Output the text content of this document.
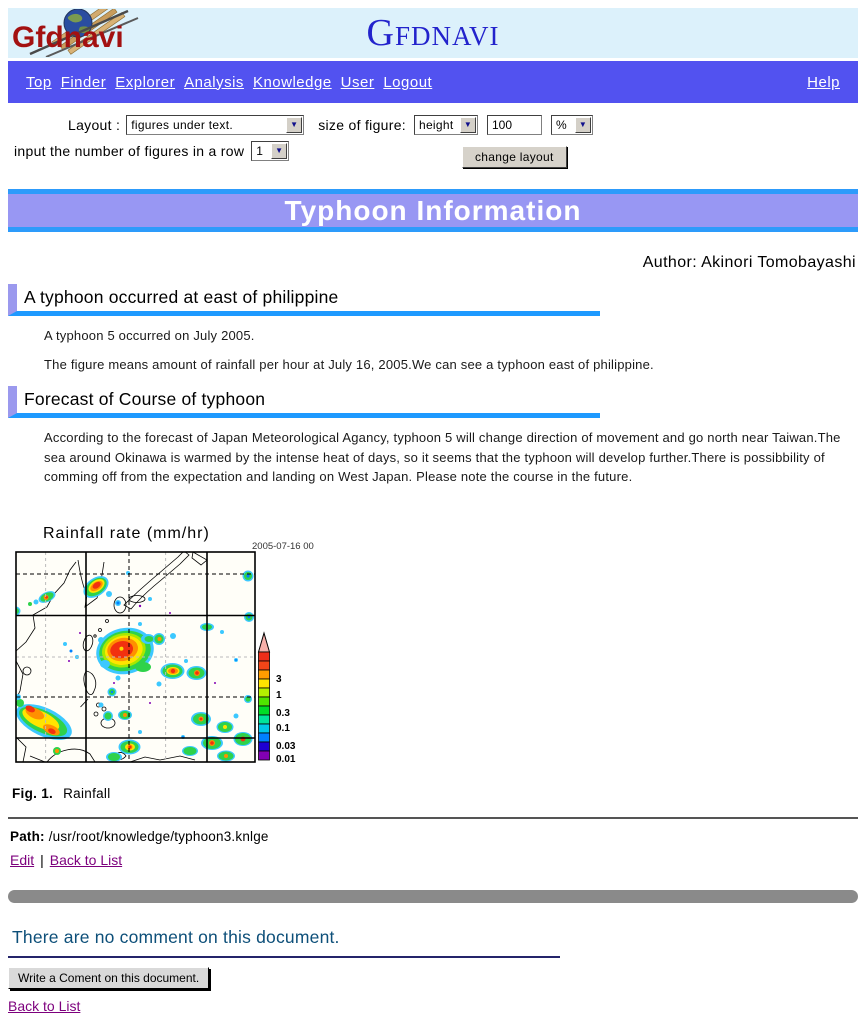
Gfdnavi	GFDNAVI
Top Finder Explorer Analysis Knowledge User Logout	Help
Layout : figures under text.	▼ size of figure:	height	▼
100	%	▼
input the number of figures in a row	1	▼	change layout
Typhoon Information
Author: Akinori Tomobayashi
A typhoon occurred at east of philippine

A typhoon 5 occurred on July 2005.

The figure means amount of rainfall per hour at July 16, 2005.We can see a typhoon east of philippine.

Forecast of Course of typhoon

According to the forecast of Japan Meteorological Agancy, typhoon 5 will change direction of movement and go north near Taiwan.The sea around Okinawa is warmed by the intense heat of days, so it seems that the typhoon will develop further.There is possibbility of comming off from the expectation and landing on West Japan. Please note the course in the future.

Rainfall rate (mm/hr)
2005-07-16 00
3
1
0.3
0.1
0.03
0.01
Fig. 1. Rainfall
Path: /usr/root/knowledge/typhoon3.knlge
Edit | Back to List
There are no comment on this document.
Write a Coment on this document.
Back to List
